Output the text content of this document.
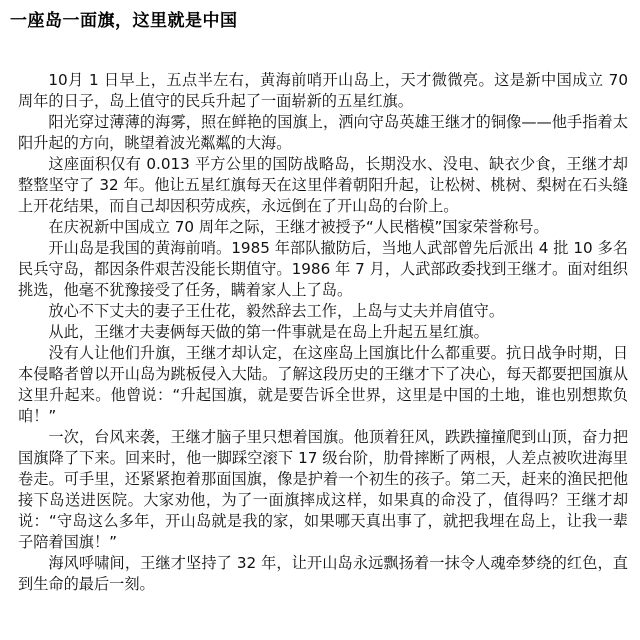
一座岛一面旗，这里就是中国

10月 1 日早上，五点半左右，黄海前哨开山岛上，天才微微亮。这是新中国成立 70 周年的日子，岛上值守的民兵升起了一面崭新的五星红旗。

阳光穿过薄薄的海雾，照在鲜艳的国旗上，洒向守岛英雄王继才的铜像——他手指着太阳升起的方向，眺望着波光粼粼的大海。

这座面积仅有 0.013 平方公里的国防战略岛，长期没水、没电、缺衣少食，王继才却整整坚守了 32 年。他让五星红旗每天在这里伴着朝阳升起，让松树、桃树、梨树在石头缝上开花结果，而自己却因积劳成疾，永远倒在了开山岛的台阶上。

在庆祝新中国成立 70 周年之际，王继才被授予“人民楷模”国家荣誉称号。

开山岛是我国的黄海前哨。1985 年部队撤防后，当地人武部曾先后派出 4 批 10 多名民兵守岛，都因条件艰苦没能长期值守。1986 年 7 月，人武部政委找到王继才。面对组织挑选，他毫不犹豫接受了任务，瞒着家人上了岛。

放心不下丈夫的妻子王仕花，毅然辞去工作，上岛与丈夫并肩值守。

从此，王继才夫妻俩每天做的第一件事就是在岛上升起五星红旗。

没有人让他们升旗，王继才却认定，在这座岛上国旗比什么都重要。抗日战争时期，日本侵略者曾以开山岛为跳板侵入大陆。了解这段历史的王继才下了决心，每天都要把国旗从这里升起来。他曾说：“升起国旗，就是要告诉全世界，这里是中国的土地，谁也别想欺负咱！”

一次，台风来袭，王继才脑子里只想着国旗。他顶着狂风，跌跌撞撞爬到山顶，奋力把国旗降了下来。回来时，他一脚踩空滚下 17 级台阶，肋骨摔断了两根，人差点被吹进海里卷走。可手里，还紧紧抱着那面国旗，像是护着一个初生的孩子。第二天，赶来的渔民把他接下岛送进医院。大家劝他，为了一面旗摔成这样，如果真的命没了，值得吗？王继才却说：“守岛这么多年，开山岛就是我的家，如果哪天真出事了，就把我埋在岛上，让我一辈子陪着国旗！”

海风呼啸间，王继才坚持了 32 年，让开山岛永远飘扬着一抹令人魂牵梦绕的红色，直到生命的最后一刻。
